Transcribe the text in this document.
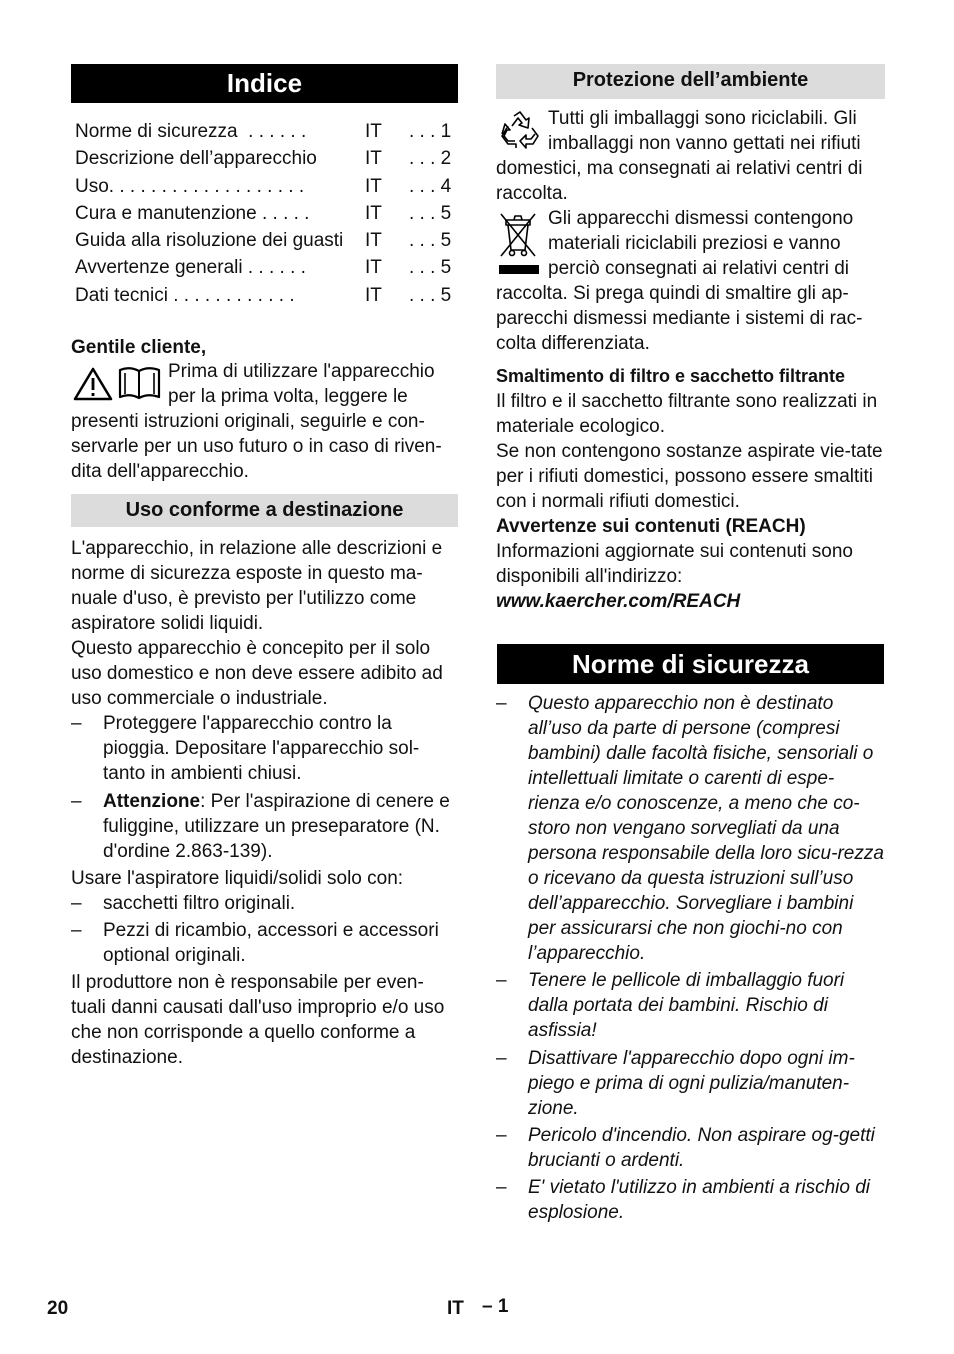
Indice
Norme di sicurezza  . . . . . .	IT . . . 1
Descrizione dell’apparecchio	IT . . . 2
Uso. . . . . . . . . . . . . . . . . . .	IT . . . 4
Cura e manutenzione . . . . .	IT . . . 5
Guida alla risoluzione dei guasti IT . . . 5
Avvertenze generali . . . . . .	IT . . . 5
Dati tecnici . . . . . . . . . . . .	IT . . . 5

Gentile cliente,

Prima di utilizzare l'apparecchio

per la prima volta, leggere le

presenti istruzioni originali, seguirle e con-servarle per un uso futuro o in caso di riven-dita dell'apparecchio.

Uso conforme a destinazione

L'apparecchio, in relazione alle descrizioni e norme di sicurezza esposte in questo ma-nuale d'uso, è previsto per l'utilizzo come aspiratore solidi liquidi.

Questo apparecchio è concepito per il solo uso domestico e non deve essere adibito ad uso commerciale o industriale.

–	Proteggere l'apparecchio contro la pioggia. Depositare l'apparecchio sol-tanto in ambienti chiusi.
–	Attenzione: Per l'aspirazione di cenere e fuliggine, utilizzare un preseparatore (N. d'ordine 2.863-139).

Usare l'aspiratore liquidi/solidi solo con:

–	sacchetti filtro originali.
–	Pezzi di ricambio, accessori e accessori optional originali.

Il produttore non è responsabile per even-tuali danni causati dall'uso improprio e/o uso che non corrisponde a quello conforme a destinazione.

Protezione dell’ambiente

Tutti gli imballaggi sono riciclabili. Gli

imballaggi non vanno gettati nei rifiuti

domestici, ma consegnati ai relativi centri di raccolta.

Gli apparecchi dismessi contengono

materiali riciclabili preziosi e vanno

perciò consegnati ai relativi centri di

raccolta. Si prega quindi di smaltire gli ap-parecchi dismessi mediante i sistemi di rac-colta differenziata.

Smaltimento di filtro e sacchetto filtrante

Il filtro e il sacchetto filtrante sono realizzati in materiale ecologico.

Se non contengono sostanze aspirate vie-tate per i rifiuti domestici, possono essere smaltiti con i normali rifiuti domestici.

Avvertenze sui contenuti (REACH)

Informazioni aggiornate sui contenuti sono disponibili all'indirizzo:

www.kaercher.com/REACH

Norme di sicurezza
–	Questo apparecchio non è destinato all’uso da parte di persone (compresi bambini) dalle facoltà fisiche, sensoriali o intellettuali limitate o carenti di espe-rienza e/o conoscenze, a meno che co-storo non vengano sorvegliati da una persona responsabile della loro sicu-rezza o ricevano da questa istruzioni sull’uso dell’apparecchio. Sorvegliare i bambini per assicurarsi che non giochi-no con l’apparecchio.
–	Tenere le pellicole di imballaggio fuori dalla portata dei bambini. Rischio di asfissia!
–	Disattivare l'apparecchio dopo ogni im-piego e prima di ogni pulizia/manuten-zione.
–	Pericolo d'incendio. Non aspirare og-getti brucianti o ardenti.
–	E' vietato l'utilizzo in ambienti a rischio di esplosione.
20	IT – 1
